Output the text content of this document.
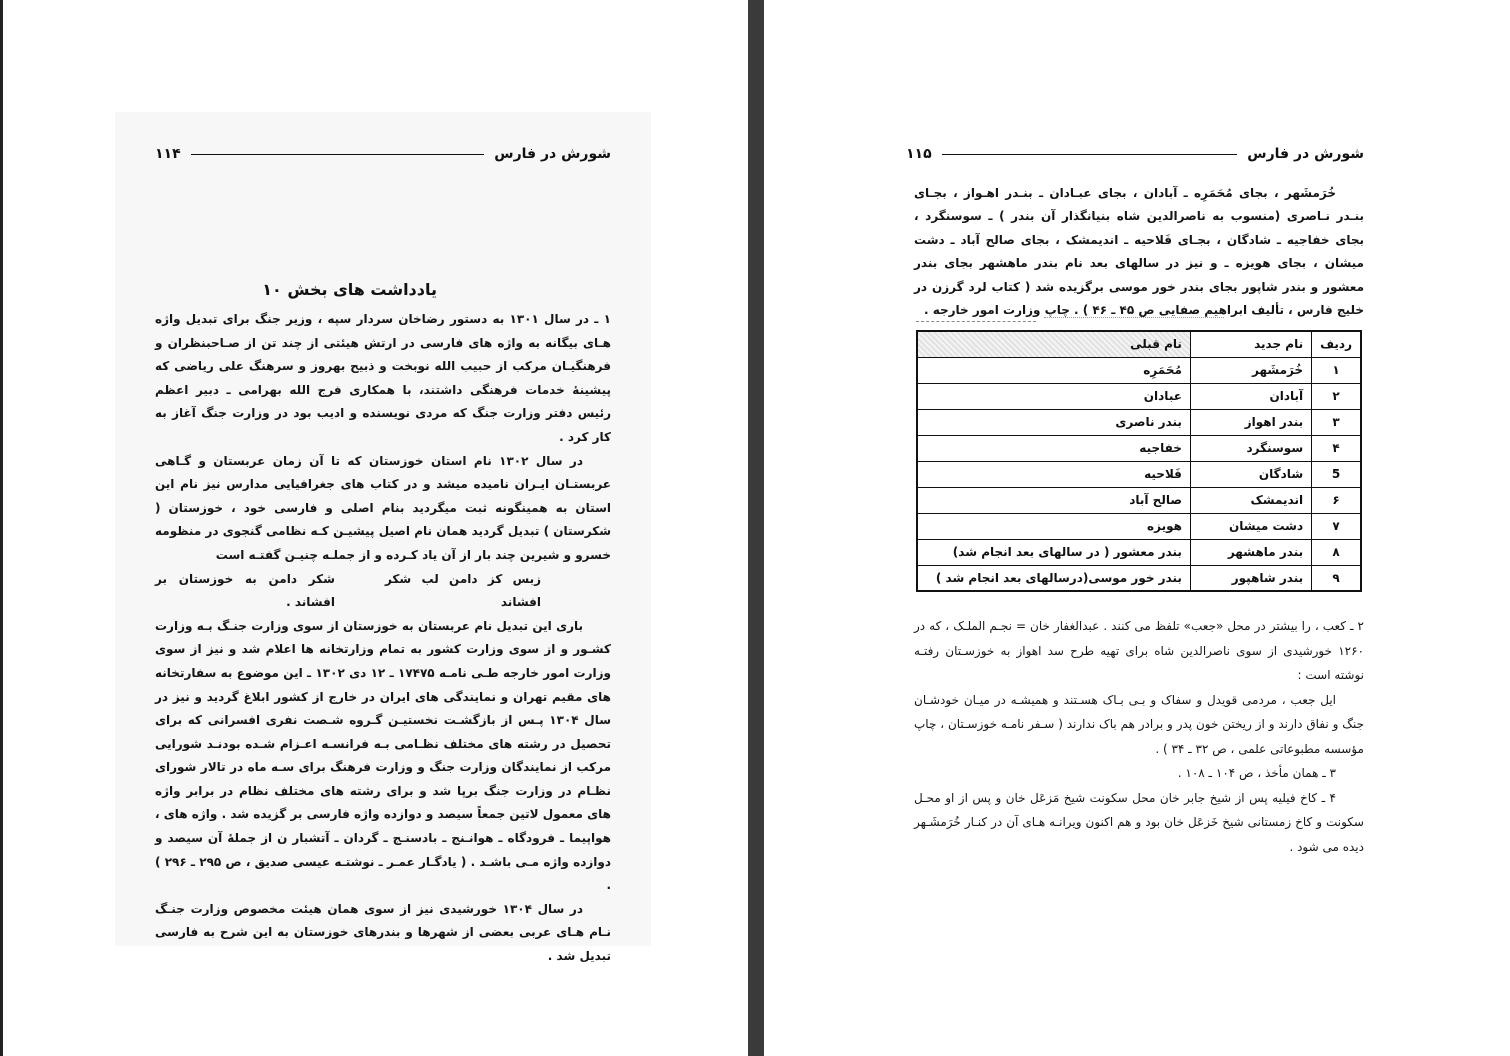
شورش در فارس
۱۱۴
یادداشت های بخش ۱۰

۱ ـ در سال ۱۳۰۱ به دستور رضاخان سردار سپه ، وزیر جنگ برای تبدیل واژه هـای بیگانه به واژه های فارسی در ارتش هیئتی از چند تن از صـاحبنظران و فرهنگیـان مرکب از حبیب الله نوبخت و ذبیح بهروز و سرهنگ علی ریاضی که پیشینهٔ خدمات فرهنگی داشتند، با همکاری فرج الله بهرامی ـ دبیر اعظم رئیس دفتر وزارت جنگ که مردی نویسنده و ادیب بود در وزارت جنگ آغاز به کار کرد .

در سال ۱۳۰۲ نام استان خوزستان که تا آن زمان عربستان و گـاهی عربستـان ایـران نامیده میشد و در کتاب های جغرافیایی مدارس نیز نام این استان به همینگونه ثبت میگردید بنام اصلی و فارسی خود ، خوزستان ( شکرستان ) تبدیل گردید همان نام اصیل پیشیـن کـه نظامی گنجوی در منظومه خسرو و شیرین چند بار از آن یاد کـرده و از جملـه چنیـن گفتـه است

زبس کز دامن لب شکر افشاند
شکر دامن به خوزستان بر افشاند .

باری این تبدیل نام عربستان به خوزستان از سوی وزارت جنـگ بـه وزارت کشـور و از سوی وزارت کشور به تمام وزارتخانه ها اعلام شد و نیز از سوی وزارت امور خارجه طـی نامـه ۱۷۴۷۵ ـ ۱۲ دی ۱۳۰۲ ـ این موضوع به سفارتخانه های مقیم تهران و نمایندگی های ایران در خارج از کشور ابلاغ گردید و نیز در سال ۱۳۰۴ پـس از بازگشـت نخستیـن گـروه شـصت نفری افسرانی که برای تحصیل در رشته های مختلف نظـامی بـه فرانسـه اعـزام شـده بودنـد شورایی مرکب از نمایندگان وزارت جنگ و وزارت فرهنگ برای سـه ماه در تالار شورای نظـام در وزارت جنگ برپا شد و برای رشته های مختلف نظام در برابر واژه های معمول لاتین جمعاً سیصد و دوازده واژه فارسی بر گزیده شد . واژه های ، هواپیما ـ فرودگاه ـ هوانـنج ـ بادسنـج ـ گردان ـ آتشبار ن از جملهٔ آن سیصد و دوازده واژه مـی باشـد . ( یادگـار عمـر ـ نوشتـه عیسی صدیق ، ص ۲۹۵ ـ ۲۹۶ ) .

در سال ۱۳۰۴ خورشیدی نیز از سوی همان هیئت مخصوص وزارت جنـگ نـام هـای عربی بعضی از شهرها و بندرهای خوزستان به این شرح به فارسی تبدیل شد .

شورش در فارس
۱۱۵

خُرَمشَهر ، بجای مُحَمَرِه ـ آبادان ، بجای عبـادان ـ بنـدر اهـواز ، بجـای بنـدر نـاصری (منسوب به ناصرالدین شاه بنیانگذار آن بندر ) ـ سوسنگرد ، بجای خفاجیه ـ شادگان ، بجـای فَلاحیه ـ اندیمشک ، بجای صالح آباد ـ دشت میشان ، بجای هویزه ـ و نیز در سالهای بعد نام بندر ماهشهر بجای بندر معشور و بندر شاپور بجای بندر خور موسی برگزیده شد ( کتاب لرد گرزن در خلیج فارس ، تألیف ابراهیم صفایی ص ۴۵ ـ ۴۶ ) . چاپ وزارت امور خارجه .

ردیف	نام جدید	نام قبلی
۱	خُرَمشَهر	مُحَمَرِه
۲	آبادان	عبادان
۳	بندر اهواز	بندر ناصری
۴	سوسنگرد	خفاجیه
5	شادگان	فَلاحیه
۶	اندیمشک	صالح آباد
۷	دشت میشان	هویزه
۸	بندر ماهشهر	بندر معشور ( در سالهای بعد انجام شد)
۹	بندر شاهپور	بندر خور موسی(درسالهای بعد انجام شد )

۲ ـ کعب ، را بیشتر در محل «جعب» تلفظ می کنند . عبدالغفار خان = نجـم الملـک ، که در ۱۲۶۰ خورشیدی از سوی ناصرالدین شاه برای تهیه طرح سد اهواز به خوزسـتان رفتـه نوشته است :

ایل جعب ، مردمی قویدل و سفاک و بـی بـاک هسـتند و همیشـه در میـان خودشـان جنگ و نفاق دارند و از ریختن خون پدر و برادر هم باک ندارند ( سـفر نامـه خوزسـتان ، چاپ مؤسسه مطبوعاتی علمی ، ص ۳۲ ـ ۳۴ ) .

۳ ـ همان مأخذ ، ص ۱۰۴ ـ ۱۰۸ .

۴ ـ کاخ فیلیه پس از شیخ جابر خان محل سکونت شیخ مَزعَل خان و پس از او محـل سکونت و کاخ زمستانی شیخ خَزعَل خان بود و هم اکنون ویرانـه هـای آن در کنـار خُرَمشَـهر دیده می شود .
